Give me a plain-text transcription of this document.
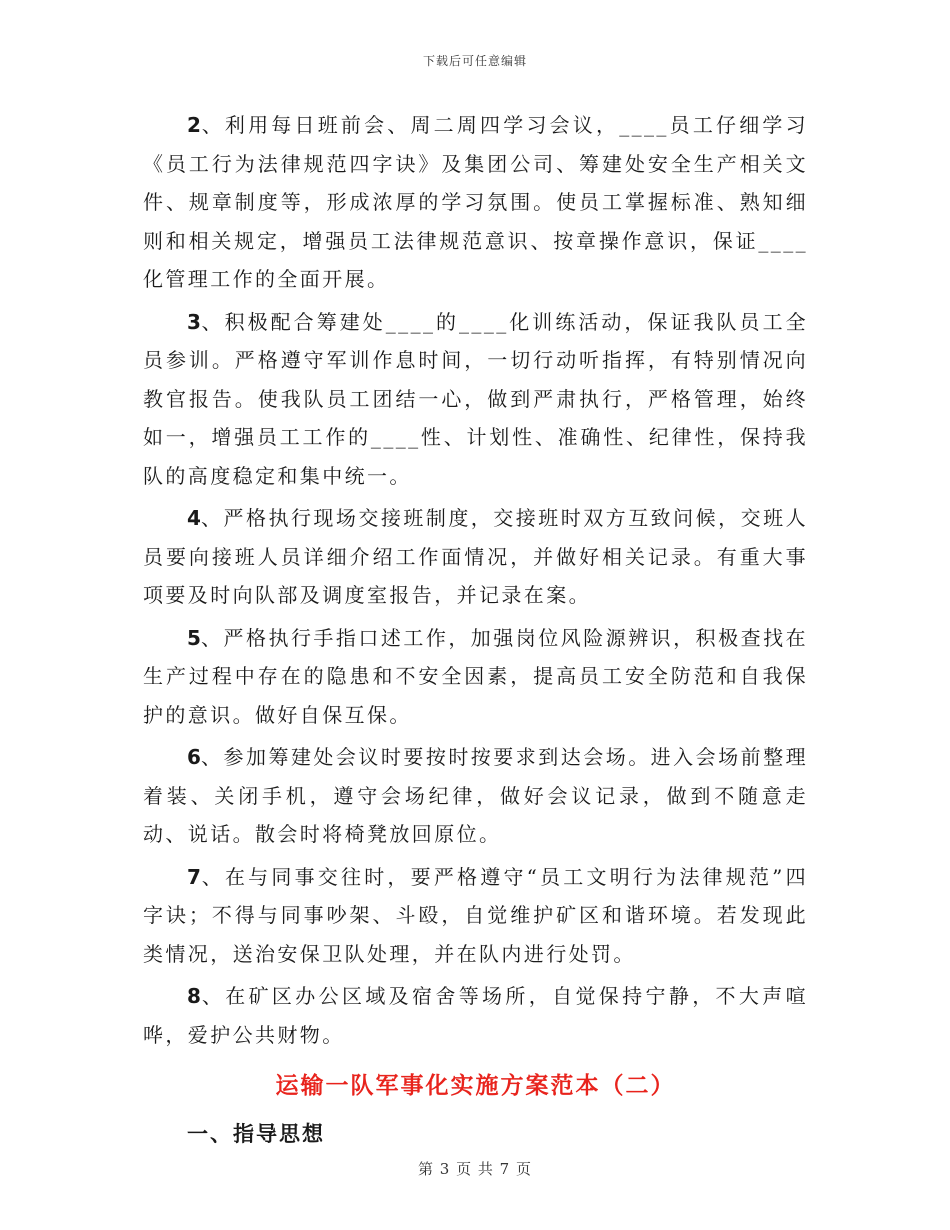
下载后可任意编辑

2、利用每日班前会、周二周四学习会议，____员工仔细学习《员工行为法律规范四字诀》及集团公司、筹建处安全生产相关文件、规章制度等，形成浓厚的学习氛围。使员工掌握标准、熟知细则和相关规定，增强员工法律规范意识、按章操作意识，保证____化管理工作的全面开展。

3、积极配合筹建处____的____化训练活动，保证我队员工全员参训。严格遵守军训作息时间，一切行动听指挥，有特别情况向教官报告。使我队员工团结一心，做到严肃执行，严格管理，始终如一，增强员工工作的____性、计划性、准确性、纪律性，保持我队的高度稳定和集中统一。

4、严格执行现场交接班制度，交接班时双方互致问候，交班人员要向接班人员详细介绍工作面情况，并做好相关记录。有重大事项要及时向队部及调度室报告，并记录在案。

5、严格执行手指口述工作，加强岗位风险源辨识，积极查找在生产过程中存在的隐患和不安全因素，提高员工安全防范和自我保护的意识。做好自保互保。

6、参加筹建处会议时要按时按要求到达会场。进入会场前整理着装、关闭手机，遵守会场纪律，做好会议记录，做到不随意走动、说话。散会时将椅凳放回原位。

7、在与同事交往时，要严格遵守“员工文明行为法律规范”四字诀；不得与同事吵架、斗殴，自觉维护矿区和谐环境。若发现此类情况，送治安保卫队处理，并在队内进行处罚。

8、在矿区办公区域及宿舍等场所，自觉保持宁静，不大声喧哗，爱护公共财物。

运输一队军事化实施方案范本（二）
一、指导思想
第 3 页 共 7 页
